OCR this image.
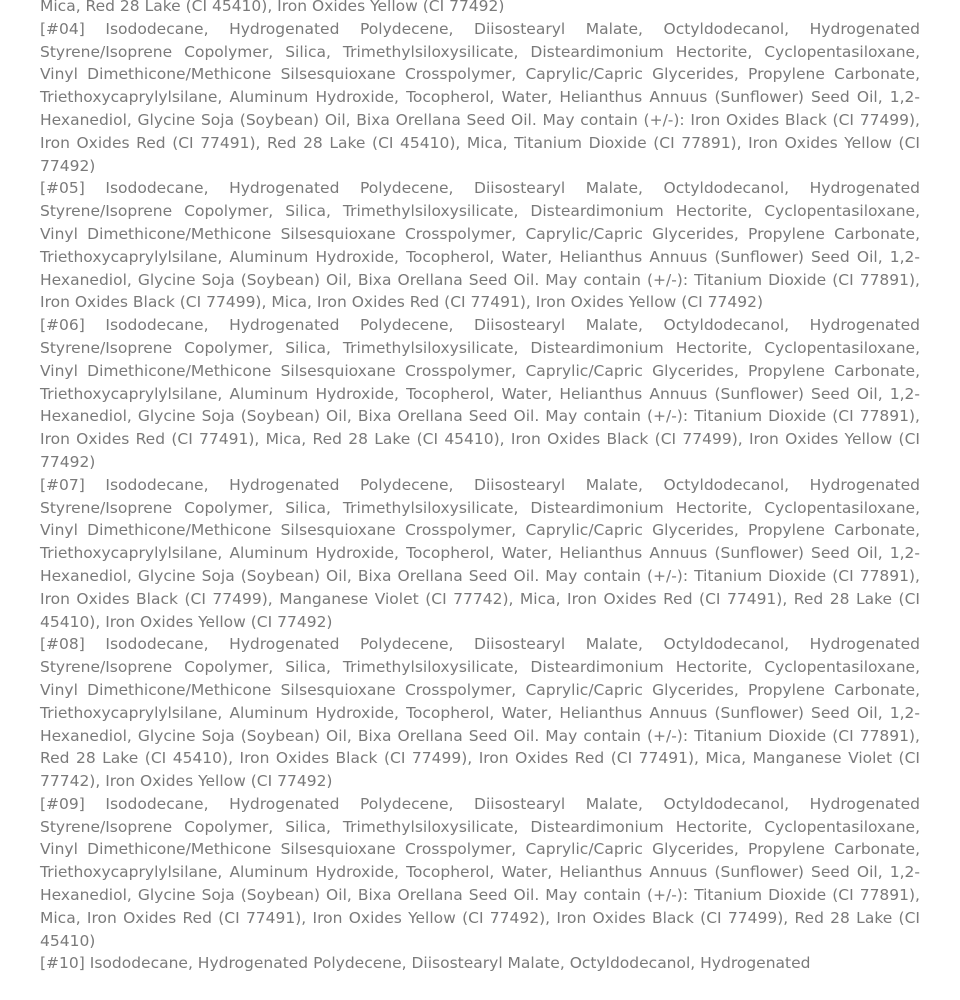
Mica, Red 28 Lake (CI 45410), Iron Oxides Yellow (CI 77492)

[#04] Isododecane, Hydrogenated Polydecene, Diisostearyl Malate, Octyldodecanol, Hydrogenated Styrene/Isoprene Copolymer, Silica, Trimethylsiloxysilicate, Disteardimonium Hectorite, Cyclopentasiloxane, Vinyl Dimethicone/Methicone Silsesquioxane Crosspolymer, Caprylic/Capric Glycerides, Propylene Carbonate, Triethoxycaprylylsilane, Aluminum Hydroxide, Tocopherol, Water, Helianthus Annuus (Sunflower) Seed Oil, 1,2-Hexanediol, Glycine Soja (Soybean) Oil, Bixa Orellana Seed Oil. May contain (+/-): Iron Oxides Black (CI 77499), Iron Oxides Red (CI 77491), Red 28 Lake (CI 45410), Mica, Titanium Dioxide (CI 77891), Iron Oxides Yellow (CI 77492)

[#05] Isododecane, Hydrogenated Polydecene, Diisostearyl Malate, Octyldodecanol, Hydrogenated Styrene/Isoprene Copolymer, Silica, Trimethylsiloxysilicate, Disteardimonium Hectorite, Cyclopentasiloxane, Vinyl Dimethicone/Methicone Silsesquioxane Crosspolymer, Caprylic/Capric Glycerides, Propylene Carbonate, Triethoxycaprylylsilane, Aluminum Hydroxide, Tocopherol, Water, Helianthus Annuus (Sunflower) Seed Oil, 1,2-Hexanediol, Glycine Soja (Soybean) Oil, Bixa Orellana Seed Oil. May contain (+/-): Titanium Dioxide (CI 77891), Iron Oxides Black (CI 77499), Mica, Iron Oxides Red (CI 77491), Iron Oxides Yellow (CI 77492)

[#06] Isododecane, Hydrogenated Polydecene, Diisostearyl Malate, Octyldodecanol, Hydrogenated Styrene/Isoprene Copolymer, Silica, Trimethylsiloxysilicate, Disteardimonium Hectorite, Cyclopentasiloxane, Vinyl Dimethicone/Methicone Silsesquioxane Crosspolymer, Caprylic/Capric Glycerides, Propylene Carbonate, Triethoxycaprylylsilane, Aluminum Hydroxide, Tocopherol, Water, Helianthus Annuus (Sunflower) Seed Oil, 1,2-Hexanediol, Glycine Soja (Soybean) Oil, Bixa Orellana Seed Oil. May contain (+/-): Titanium Dioxide (CI 77891), Iron Oxides Red (CI 77491), Mica, Red 28 Lake (CI 45410), Iron Oxides Black (CI 77499), Iron Oxides Yellow (CI 77492)

[#07] Isododecane, Hydrogenated Polydecene, Diisostearyl Malate, Octyldodecanol, Hydrogenated Styrene/Isoprene Copolymer, Silica, Trimethylsiloxysilicate, Disteardimonium Hectorite, Cyclopentasiloxane, Vinyl Dimethicone/Methicone Silsesquioxane Crosspolymer, Caprylic/Capric Glycerides, Propylene Carbonate, Triethoxycaprylylsilane, Aluminum Hydroxide, Tocopherol, Water, Helianthus Annuus (Sunflower) Seed Oil, 1,2-Hexanediol, Glycine Soja (Soybean) Oil, Bixa Orellana Seed Oil. May contain (+/-): Titanium Dioxide (CI 77891), Iron Oxides Black (CI 77499), Manganese Violet (CI 77742), Mica, Iron Oxides Red (CI 77491), Red 28 Lake (CI 45410), Iron Oxides Yellow (CI 77492)

[#08] Isododecane, Hydrogenated Polydecene, Diisostearyl Malate, Octyldodecanol, Hydrogenated Styrene/Isoprene Copolymer, Silica, Trimethylsiloxysilicate, Disteardimonium Hectorite, Cyclopentasiloxane, Vinyl Dimethicone/Methicone Silsesquioxane Crosspolymer, Caprylic/Capric Glycerides, Propylene Carbonate, Triethoxycaprylylsilane, Aluminum Hydroxide, Tocopherol, Water, Helianthus Annuus (Sunflower) Seed Oil, 1,2-Hexanediol, Glycine Soja (Soybean) Oil, Bixa Orellana Seed Oil. May contain (+/-): Titanium Dioxide (CI 77891), Red 28 Lake (CI 45410), Iron Oxides Black (CI 77499), Iron Oxides Red (CI 77491), Mica, Manganese Violet (CI 77742), Iron Oxides Yellow (CI 77492)

[#09] Isododecane, Hydrogenated Polydecene, Diisostearyl Malate, Octyldodecanol, Hydrogenated Styrene/Isoprene Copolymer, Silica, Trimethylsiloxysilicate, Disteardimonium Hectorite, Cyclopentasiloxane, Vinyl Dimethicone/Methicone Silsesquioxane Crosspolymer, Caprylic/Capric Glycerides, Propylene Carbonate, Triethoxycaprylylsilane, Aluminum Hydroxide, Tocopherol, Water, Helianthus Annuus (Sunflower) Seed Oil, 1,2-Hexanediol, Glycine Soja (Soybean) Oil, Bixa Orellana Seed Oil. May contain (+/-): Titanium Dioxide (CI 77891), Mica, Iron Oxides Red (CI 77491), Iron Oxides Yellow (CI 77492), Iron Oxides Black (CI 77499), Red 28 Lake (CI 45410)

[#10] Isododecane, Hydrogenated Polydecene, Diisostearyl Malate, Octyldodecanol, Hydrogenated
